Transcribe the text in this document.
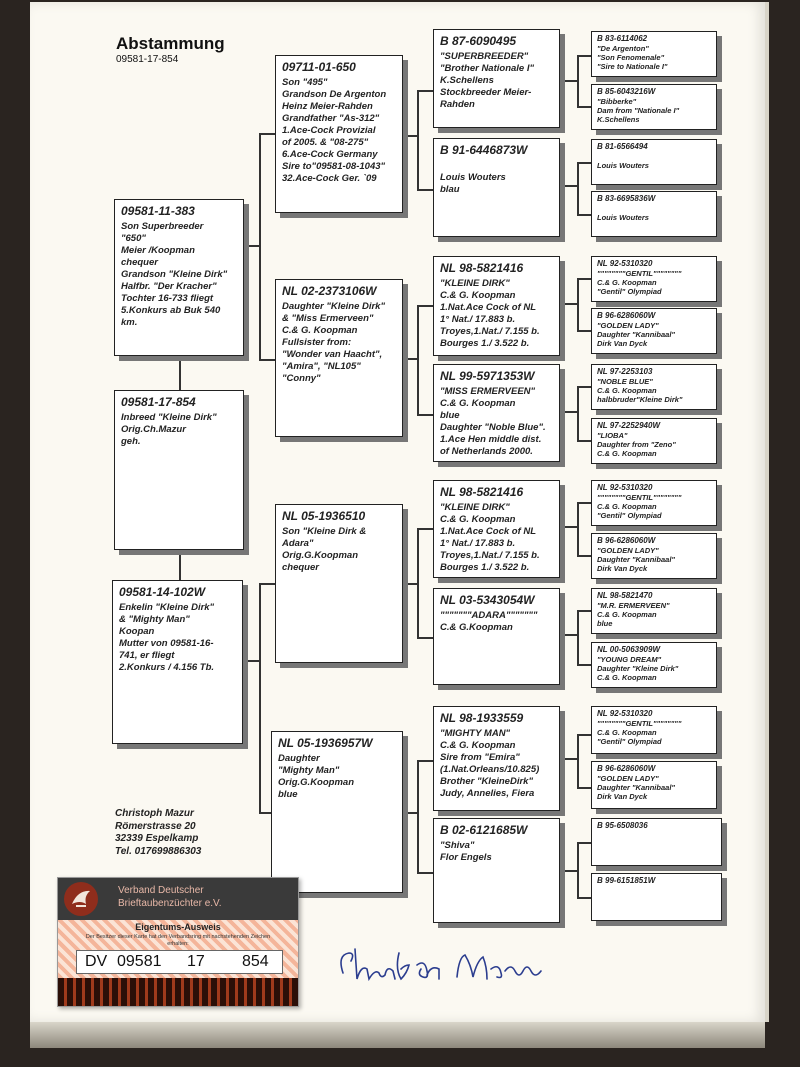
Abstammung
09581-17-854
09581-11-383
Son Superbreeder
"650"
Meier /Koopman
chequer
Grandson "Kleine Dirk"
Halfbr. "Der Kracher"
Tochter 16-733 fliegt
5.Konkurs ab Buk 540
km.
09581-17-854
Inbreed "Kleine Dirk"
Orig.Ch.Mazur
geh.
09581-14-102W
Enkelin "Kleine Dirk"
& "Mighty Man"
Koopan
Mutter von 09581-16-
741, er fliegt
2.Konkurs / 4.156 Tb.
09711-01-650
Son "495"
Grandson De Argenton
Heinz Meier-Rahden
Grandfather "As-312"
1.Ace-Cock Provizial
of 2005. & "08-275"
6.Ace-Cock Germany
Sire to"09581-08-1043"
32.Ace-Cock Ger. `09
NL 02-2373106W
Daughter "Kleine Dirk"
& "Miss Ermerveen"
C.& G. Koopman
Fullsister from:
"Wonder van Haacht",
"Amira", "NL105"
"Conny"
NL 05-1936510
Son "Kleine Dirk &
Adara"
Orig.G.Koopman
chequer
NL 05-1936957W
Daughter
"Mighty Man"
Orig.G.Koopman
blue
B 87-6090495
"SUPERBREEDER"
"Brother Nationale I"
K.Schellens
Stockbreeder Meier-
Rahden
B 91-6446873W

Louis Wouters
blau
NL 98-5821416
"KLEINE DIRK"
C.& G. Koopman
1.Nat.Ace Cock of NL
1° Nat./ 17.883 b.
Troyes,1.Nat./ 7.155 b.
Bourges 1./ 3.522 b.
NL 99-5971353W
"MISS ERMERVEEN"
C.& G. Koopman
blue
Daughter "Noble Blue".
1.Ace Hen middle dist.
of Netherlands 2000.
NL 98-5821416
"KLEINE DIRK"
C.& G. Koopman
1.Nat.Ace Cock of NL
1° Nat./ 17.883 b.
Troyes,1.Nat./ 7.155 b.
Bourges 1./ 3.522 b.
NL 03-5343054W
"""""""ADARA"""""""
C.& G.Koopman
NL 98-1933559
"MIGHTY MAN"
C.& G. Koopman
Sire from "Emira"
(1.Nat.Orleans/10.825)
Brother "KleineDirk"
Judy, Annelies, Fiera
B 02-6121685W
"Shiva"
Flor Engels
B 83-6114062
"De Argenton"
"Son Fenomenale"
"Sire to Nationale I"
B 85-6043216W
"Bibberke"
Dam from "Nationale I"
K.Schellens
B 81-6566494

Louis Wouters
B 83-6695836W

Louis Wouters
NL 92-5310320
""""""""GENTIL""""""""
C.& G. Koopman
"Gentil" Olympiad
B 96-6286060W
"GOLDEN LADY"
Daughter "Kannibaal"
Dirk Van Dyck
NL 97-2253103
"NOBLE BLUE"
C.& G. Koopman
halbbruder"Kleine Dirk"
NL 97-2252940W
"LIOBA"
Daughter from "Zeno"
C.& G. Koopman
NL 92-5310320
""""""""GENTIL""""""""
C.& G. Koopman
"Gentil" Olympiad
B 96-6286060W
"GOLDEN LADY"
Daughter "Kannibaal"
Dirk Van Dyck
NL 98-5821470
"M.R. ERMERVEEN"
C.& G. Koopman
blue
NL 00-5063909W
"YOUNG DREAM"
Daughter "Kleine Dirk"
C.& G. Koopman
NL 92-5310320
""""""""GENTIL""""""""
C.& G. Koopman
"Gentil" Olympiad
B 96-6286060W
"GOLDEN LADY"
Daughter "Kannibaal"
Dirk Van Dyck
B 95-6508036
B 99-6151851W
Christoph Mazur
Römerstrasse 20
32339 Espelkamp
Tel. 017699886303
Verband Deutscher
Brieftaubenzüchter e.V.
Eigentums-Ausweis
Der Besitzer dieser Karte hat den Verbandsring mit nachstehenden Zeichen erhalten:
DV 09581 17 854
